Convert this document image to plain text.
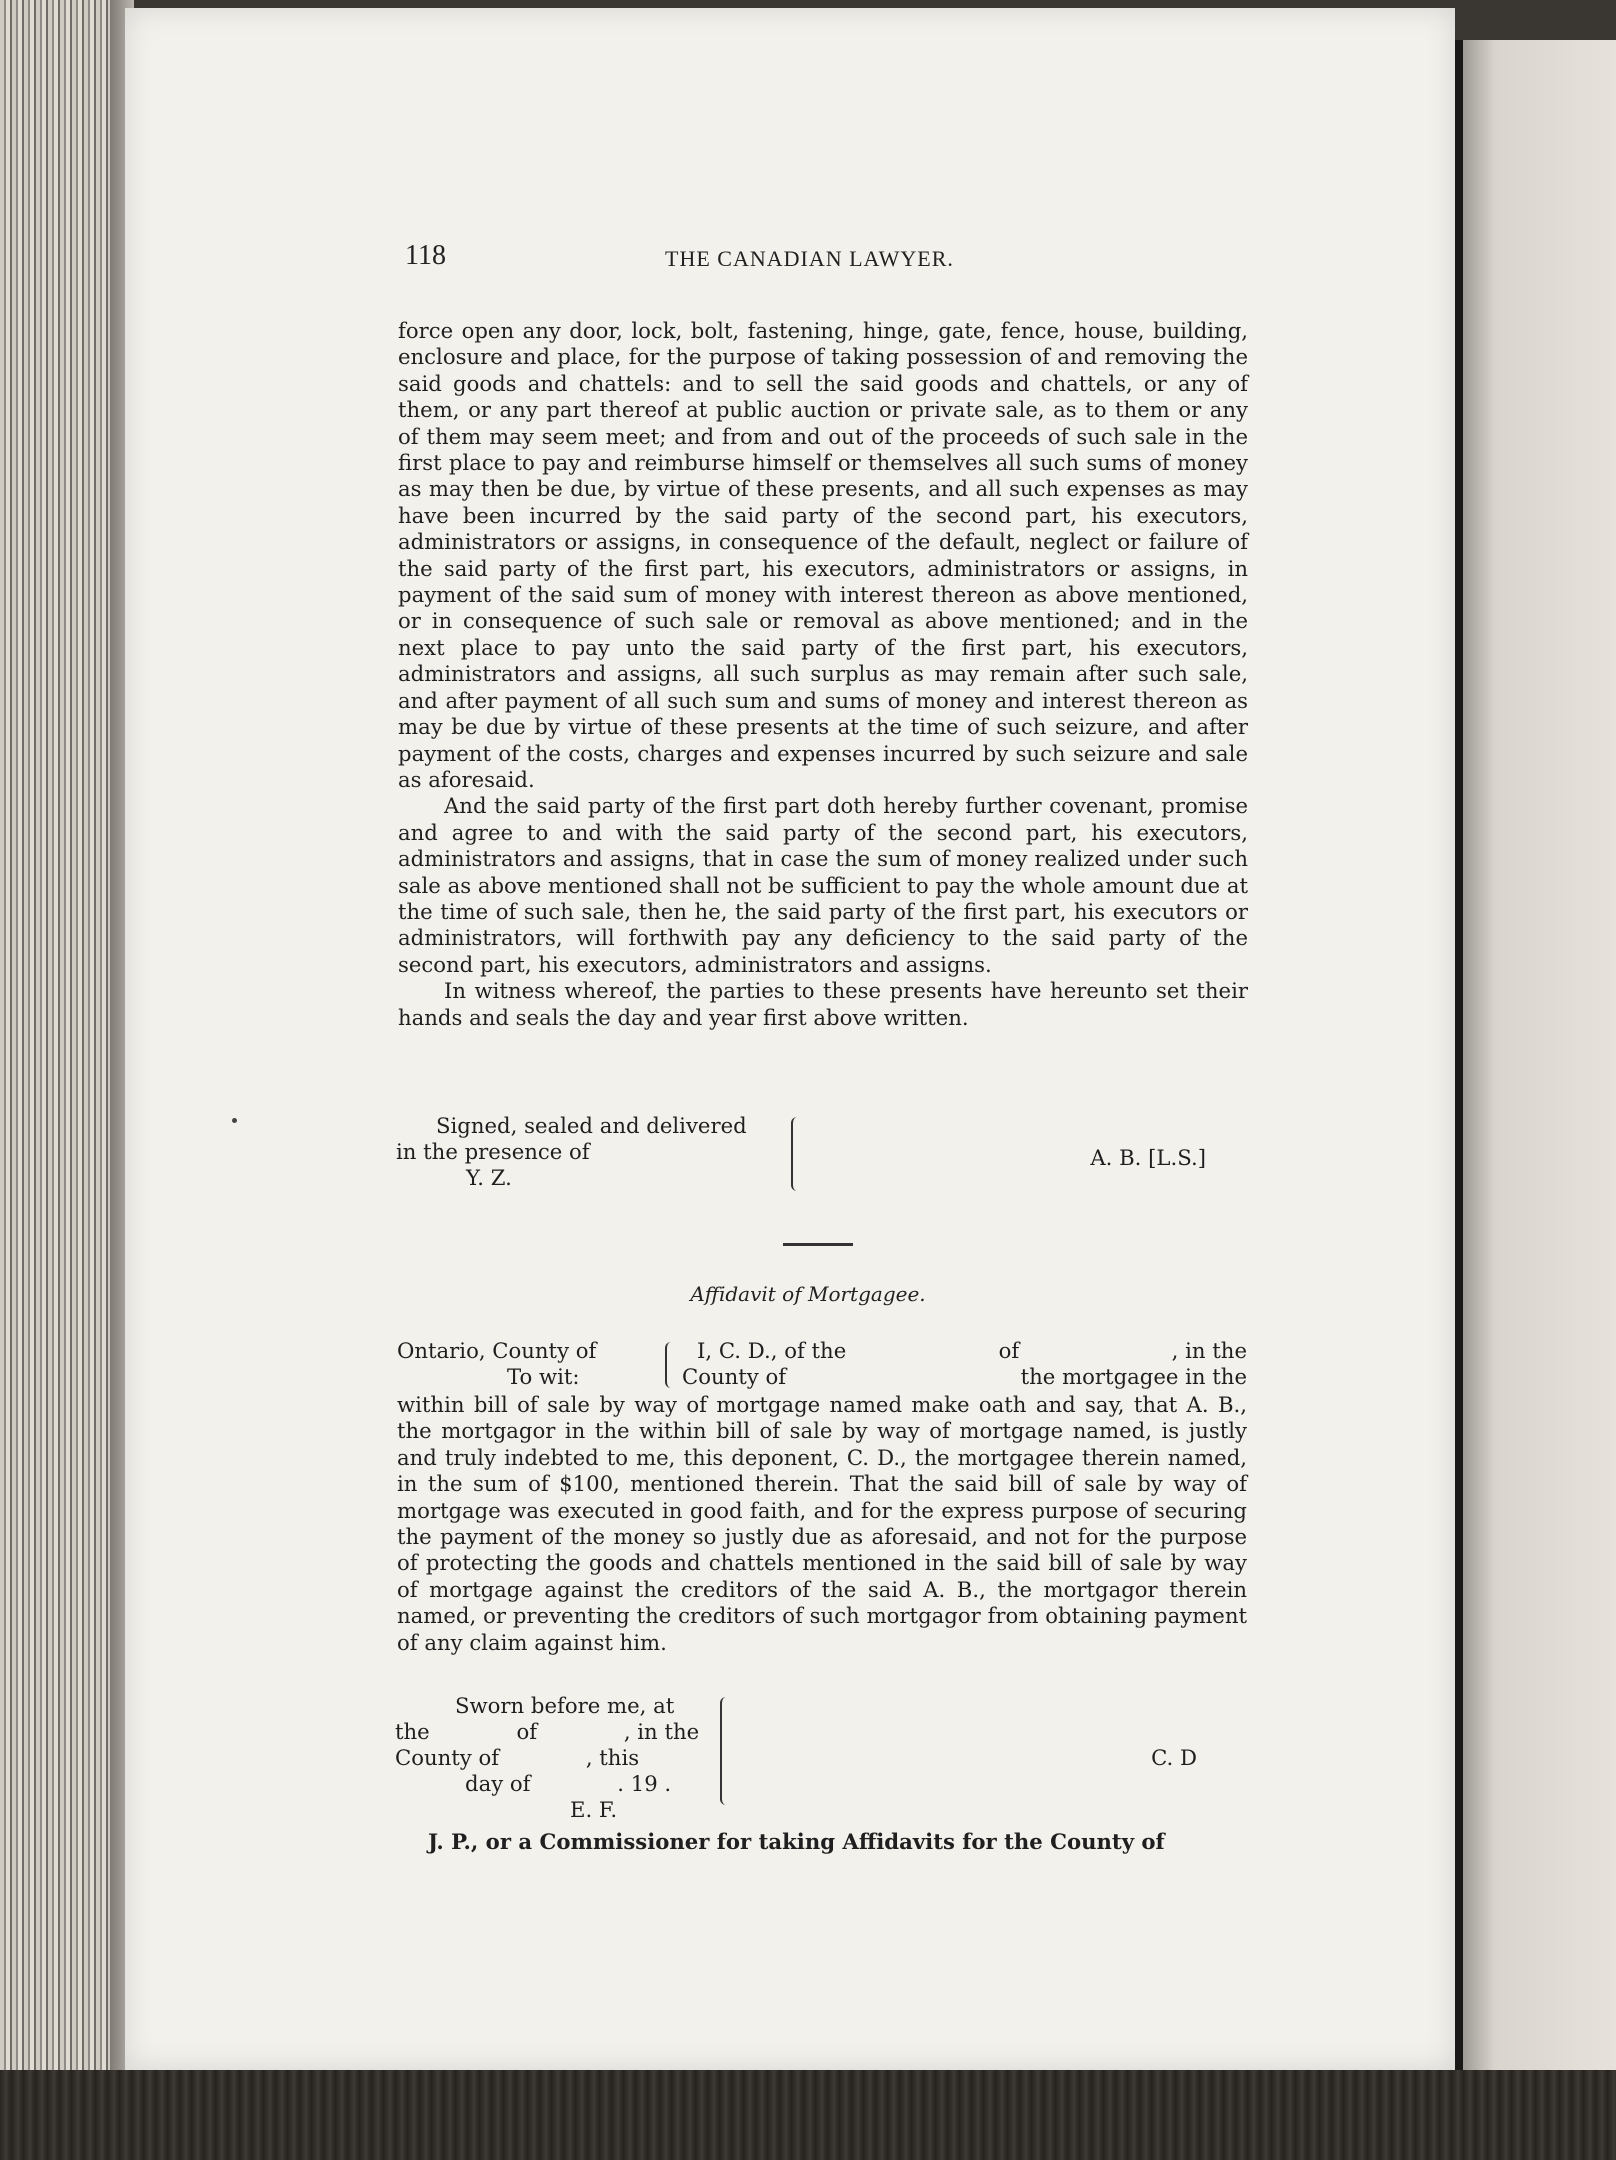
118	THE CANADIAN LAWYER.

force open any door, lock, bolt, fastening, hinge, gate, fence, house, building, enclosure and place, for the purpose of taking possession of and removing the said goods and chattels: and to sell the said goods and chattels, or any of them, or any part thereof at public auction or private sale, as to them or any of them may seem meet; and from and out of the proceeds of such sale in the first place to pay and reimburse himself or themselves all such sums of money as may then be due, by virtue of these presents, and all such expenses as may have been incurred by the said party of the second part, his executors, administrators or assigns, in consequence of the default, neglect or failure of the said party of the first part, his executors, administrators or assigns, in payment of the said sum of money with interest thereon as above mentioned, or in consequence of such sale or removal as above mentioned; and in the next place to pay unto the said party of the first part, his executors, administrators and assigns, all such surplus as may remain after such sale, and after payment of all such sum and sums of money and interest thereon as may be due by virtue of these presents at the time of such seizure, and after payment of the costs, charges and expenses incurred by such seizure and sale as aforesaid.

And the said party of the first part doth hereby further covenant, promise and agree to and with the said party of the second part, his executors, administrators and assigns, that in case the sum of money realized under such sale as above mentioned shall not be sufficient to pay the whole amount due at the time of such sale, then he, the said party of the first part, his executors or administrators, will forthwith pay any deficiency to the said party of the second part, his executors, administrators and assigns.

In witness whereof, the parties to these presents have hereunto set their hands and seals the day and year first above written.

Signed, sealed and delivered
in the presence of
Y. Z.
A. B. [L.S.]
Affidavit of Mortgagee.
Ontario, County of
To wit:
I, C. D., of the	of	, in the
County of	the mortgagee in the

within bill of sale by way of mortgage named make oath and say, that A. B., the mortgagor in the within bill of sale by way of mortgage named, is justly and truly indebted to me, this deponent, C. D., the mortgagee therein named, in the sum of $100, mentioned therein. That the said bill of sale by way of mortgage was executed in good faith, and for the express purpose of securing the payment of the money so justly due as aforesaid, and not for the purpose of protecting the goods and chattels mentioned in the said bill of sale by way of mortgage against the creditors of the said A. B., the mortgagor therein named, or preventing the creditors of such mortgagor from obtaining payment of any claim against him.

Sworn before me, at
the	of	, in the
County of	, this
day of	. 19 .
E. F.
C. D
J. P., or a Commissioner for taking Affidavits for the County of
